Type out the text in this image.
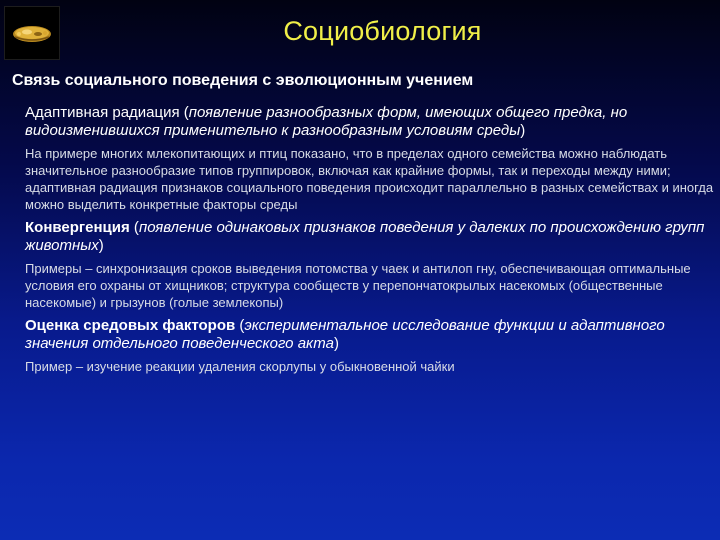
Социобиология
Связь социального поведения с эволюционным учением
Адаптивная радиация (появление разнообразных форм, имеющих общего предка, но видоизменившихся применительно к разнообразным условиям среды)
На примере многих млекопитающих и птиц показано, что в пределах одного семейства можно наблюдать значительное разнообразие типов группировок, включая как крайние формы, так и переходы между ними; адаптивная радиация признаков социального поведения происходит параллельно в разных семействах и иногда можно выделить конкретные факторы среды
Конвергенция (появление одинаковых признаков поведения у далеких по происхождению групп животных)
Примеры – синхронизация сроков выведения потомства у чаек и антилоп гну, обеспечивающая оптимальные условия его охраны от хищников; структура сообществ у перепончатокрылых насекомых (общественные насекомые) и грызунов (голые землекопы)
Оценка средовых факторов (экспериментальное исследование функции и адаптивного значения отдельного поведенческого акта)
Пример – изучение реакции удаления скорлупы у обыкновенной чайки
